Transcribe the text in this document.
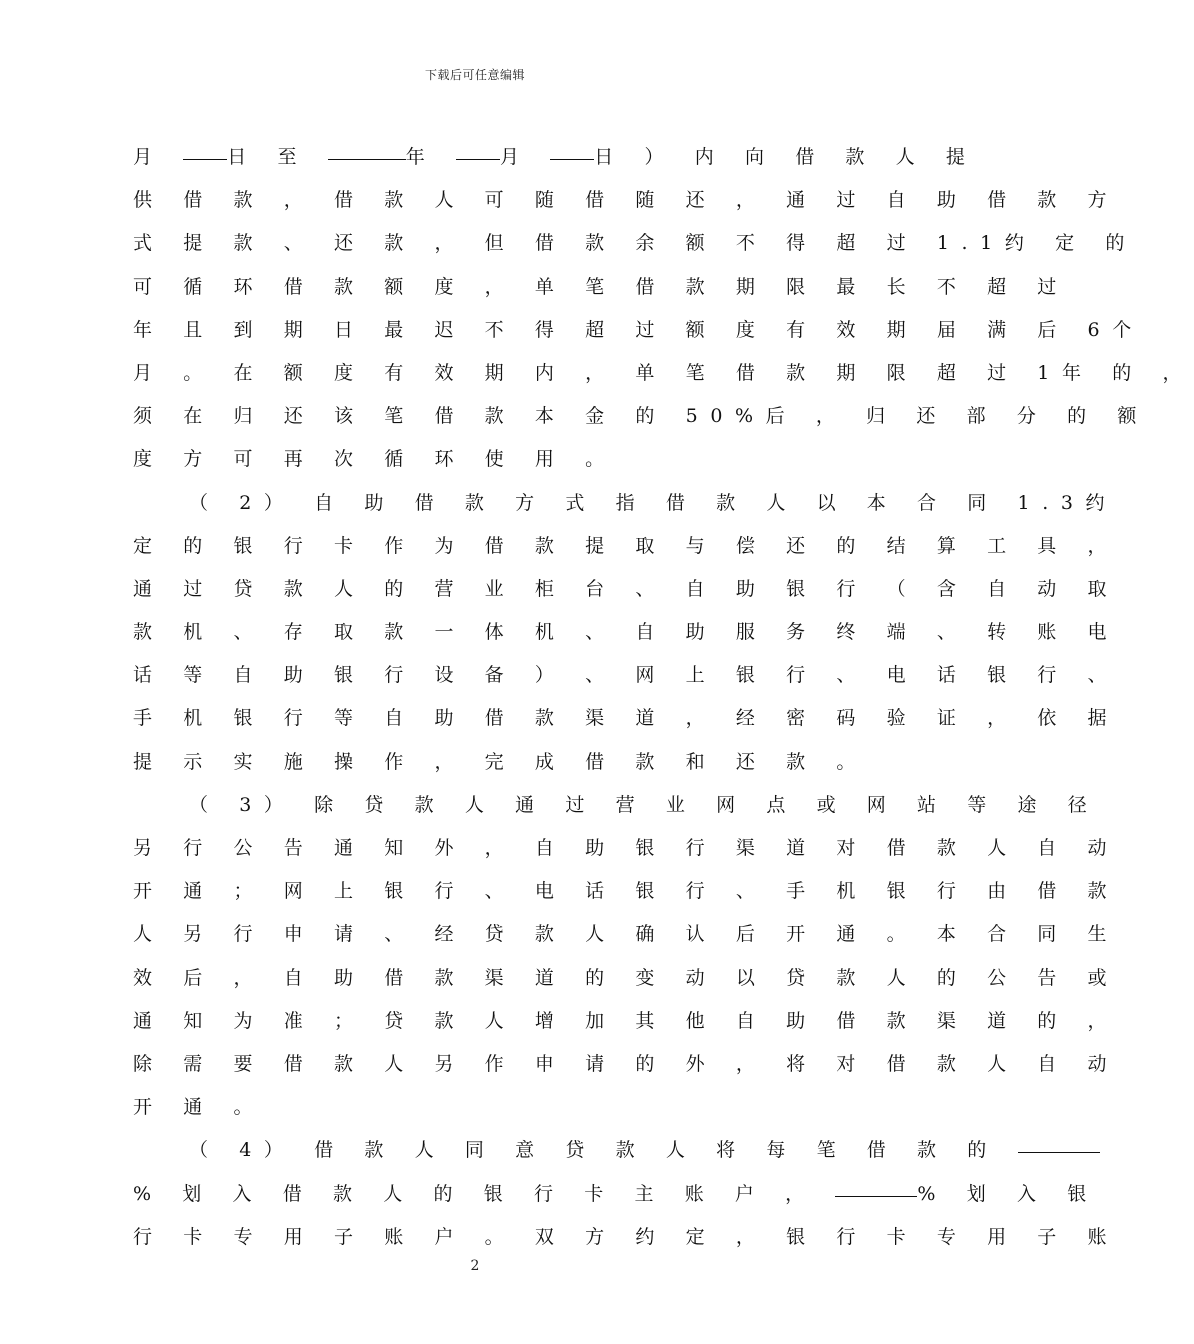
下载后可任意编辑
月 日 至	年 月 日 ） 内 向 借 款 人 提
供 借 款 ， 借 款 人 可 随 借 随 还 ， 通 过 自 助 借 款 方
式 提 款 、 还 款 ， 但 借 款 余 额 不 得 超 过 1.1约 定 的
可 循 环 借 款 额 度 ， 单 笔 借 款 期 限 最 长 不 超 过
年 且 到 期 日 最 迟 不 得 超 过 额 度 有 效 期 届 满 后 6个
月 。 在 额 度 有 效 期 内 ， 单 笔 借 款 期 限 超 过 1年 的 ，
须 在 归 还 该 笔 借 款 本 金 的 50%后 ， 归 还 部 分 的 额
度 方 可 再 次 循 环 使 用 。
（ 2） 自 助 借 款 方 式 指 借 款 人 以 本 合 同 1.3约
定 的 银 行 卡 作 为 借 款 提 取 与 偿 还 的 结 算 工 具 ，
通 过 贷 款 人 的 营 业 柜 台 、 自 助 银 行 （ 含 自 动 取
款 机 、 存 取 款 一 体 机 、 自 助 服 务 终 端 、 转 账 电
话 等 自 助 银 行 设 备 ） 、 网 上 银 行 、 电 话 银 行 、
手 机 银 行 等 自 助 借 款 渠 道 ， 经 密 码 验 证 ， 依 据
提 示 实 施 操 作 ， 完 成 借 款 和 还 款 。
（ 3） 除 贷 款 人 通 过 营 业 网 点 或 网 站 等 途 径
另 行 公 告 通 知 外 ， 自 助 银 行 渠 道 对 借 款 人 自 动
开 通 ； 网 上 银 行 、 电 话 银 行 、 手 机 银 行 由 借 款
人 另 行 申 请 、 经 贷 款 人 确 认 后 开 通 。 本 合 同 生
效 后 ， 自 助 借 款 渠 道 的 变 动 以 贷 款 人 的 公 告 或
通 知 为 准 ； 贷 款 人 增 加 其 他 自 助 借 款 渠 道 的 ，
除 需 要 借 款 人 另 作 申 请 的 外 ， 将 对 借 款 人 自 动
开 通 。
（ 4） 借 款 人 同 意 贷 款 人 将 每 笔 借 款 的
% 划 入 借 款 人 的 银 行 卡 主 账 户 ，	% 划 入 银
行 卡 专 用 子 账 户 。 双 方 约 定 ， 银 行 卡 专 用 子 账
2
